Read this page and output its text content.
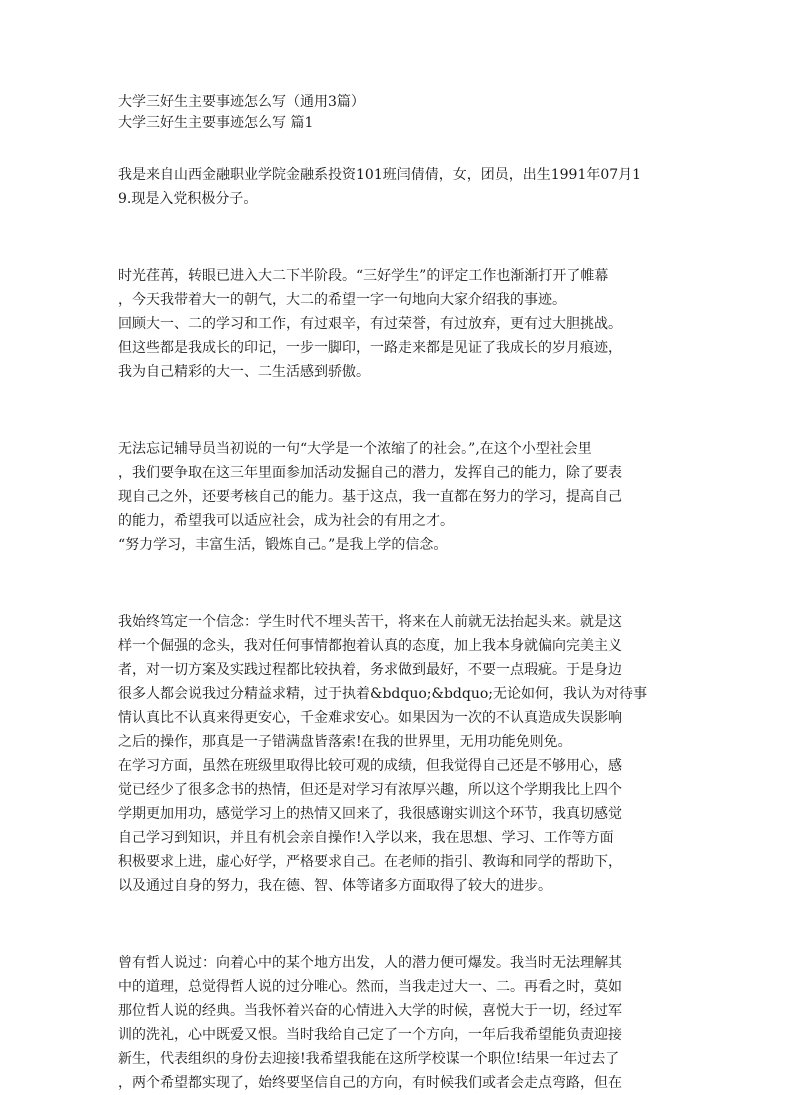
大学三好生主要事迹怎么写（通用3篇）
大学三好生主要事迹怎么写 篇1
我是来自山西金融职业学院金融系投资101班闫倩倩，女，团员，出生1991年07月1
9.现是入党积极分子。
时光荏苒，转眼已进入大二下半阶段。“三好学生”的评定工作也渐渐打开了帷幕
，今天我带着大一的朝气，大二的希望一字一句地向大家介绍我的事迹。
回顾大一、二的学习和工作，有过艰辛，有过荣誉，有过放弃，更有过大胆挑战。
但这些都是我成长的印记，一步一脚印，一路走来都是见证了我成长的岁月痕迹，
我为自己精彩的大一、二生活感到骄傲。
无法忘记辅导员当初说的一句“大学是一个浓缩了的社会。”,在这个小型社会里
，我们要争取在这三年里面参加活动发掘自己的潜力，发挥自己的能力，除了要表
现自己之外，还要考核自己的能力。基于这点，我一直都在努力的学习，提高自己
的能力，希望我可以适应社会，成为社会的有用之才。
“努力学习，丰富生活，锻炼自己。”是我上学的信念。
我始终笃定一个信念：学生时代不埋头苦干，将来在人前就无法抬起头来。就是这
样一个倔强的念头，我对任何事情都抱着认真的态度，加上我本身就偏向完美主义
者，对一切方案及实践过程都比较执着，务求做到最好，不要一点瑕疵。于是身边
很多人都会说我过分精益求精，过于执着&bdquo;&bdquo;无论如何，我认为对待事
情认真比不认真来得更安心，千金难求安心。如果因为一次的不认真造成失误影响
之后的操作，那真是一子错满盘皆落索!在我的世界里，无用功能免则免。
在学习方面，虽然在班级里取得比较可观的成绩，但我觉得自己还是不够用心，感
觉已经少了很多念书的热情，但还是对学习有浓厚兴趣，所以这个学期我比上四个
学期更加用功，感觉学习上的热情又回来了，我很感谢实训这个环节，我真切感觉
自己学习到知识，并且有机会亲自操作!入学以来，我在思想、学习、工作等方面
积极要求上进，虚心好学，严格要求自己。在老师的指引、教诲和同学的帮助下，
以及通过自身的努力，我在德、智、体等诸多方面取得了较大的进步。
曾有哲人说过：向着心中的某个地方出发，人的潜力便可爆发。我当时无法理解其
中的道理，总觉得哲人说的过分唯心。然而，当我走过大一、二。再看之时，莫如
那位哲人说的经典。当我怀着兴奋的心情进入大学的时候，喜悦大于一切，经过军
训的洗礼，心中既爱又恨。当时我给自己定了一个方向，一年后我希望能负责迎接
新生，代表组织的身份去迎接!我希望我能在这所学校谋一个职位!结果一年过去了
，两个希望都实现了，始终要坚信自己的方向，有时候我们或者会走点弯路，但在
